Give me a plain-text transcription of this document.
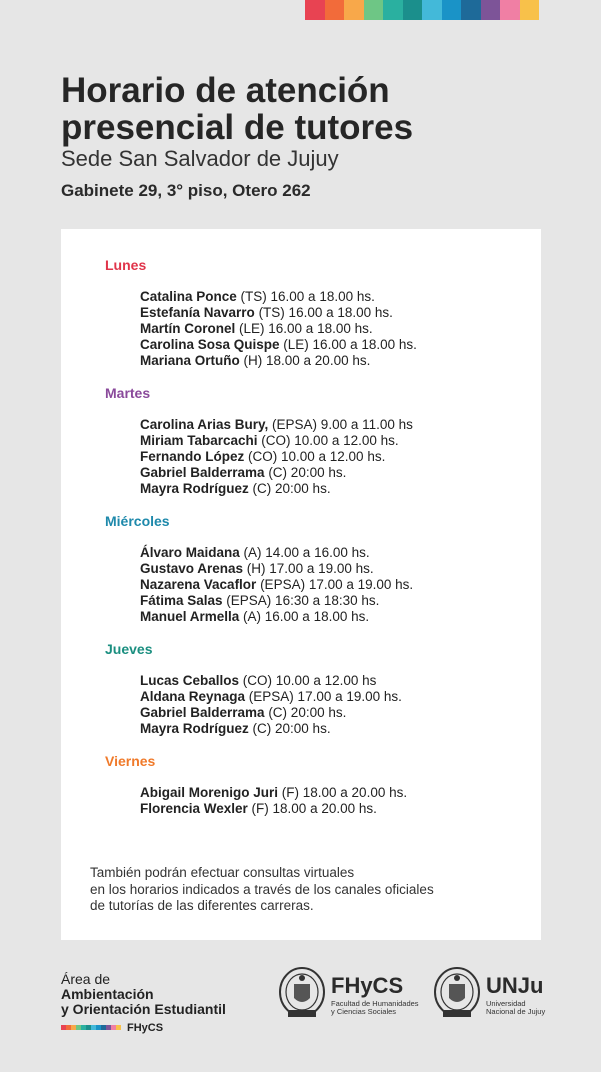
Horario de atención presencial de tutores
Sede San Salvador de Jujuy
Gabinete 29, 3° piso, Otero 262
Lunes
Catalina Ponce (TS) 16.00 a 18.00 hs.
Estefanía Navarro (TS) 16.00 a 18.00 hs.
Martín Coronel (LE) 16.00 a 18.00 hs.
Carolina Sosa Quispe (LE) 16.00 a 18.00 hs.
Mariana Ortuño (H) 18.00 a 20.00 hs.
Martes
Carolina Arias Bury, (EPSA) 9.00 a 11.00 hs
Miriam Tabarcachi (CO) 10.00 a 12.00 hs.
Fernando López (CO) 10.00 a 12.00 hs.
Gabriel Balderrama (C) 20:00 hs.
Mayra Rodríguez (C) 20:00 hs.
Miércoles
Álvaro Maidana (A) 14.00 a 16.00 hs.
Gustavo Arenas (H) 17.00 a 19.00 hs.
Nazarena Vacaflor (EPSA) 17.00 a 19.00 hs.
Fátima Salas (EPSA) 16:30 a 18:30 hs.
Manuel Armella (A) 16.00 a 18.00 hs.
Jueves
Lucas Ceballos (CO) 10.00 a 12.00 hs
Aldana Reynaga (EPSA) 17.00 a 19.00 hs.
Gabriel Balderrama (C) 20:00 hs.
Mayra Rodríguez (C) 20:00 hs.
Viernes
Abigail Morenigo Juri (F) 18.00 a 20.00 hs.
Florencia Wexler (F) 18.00 a 20.00 hs.
También podrán efectuar consultas virtuales
en los horarios indicados a través de los canales oficiales
de tutorías de las diferentes carreras.
Área de
Ambientación
y Orientación Estudiantil
FHyCS
FHyCS
Facultad de Humanidades
y Ciencias Sociales
UNJu
Universidad
Nacional de Jujuy
